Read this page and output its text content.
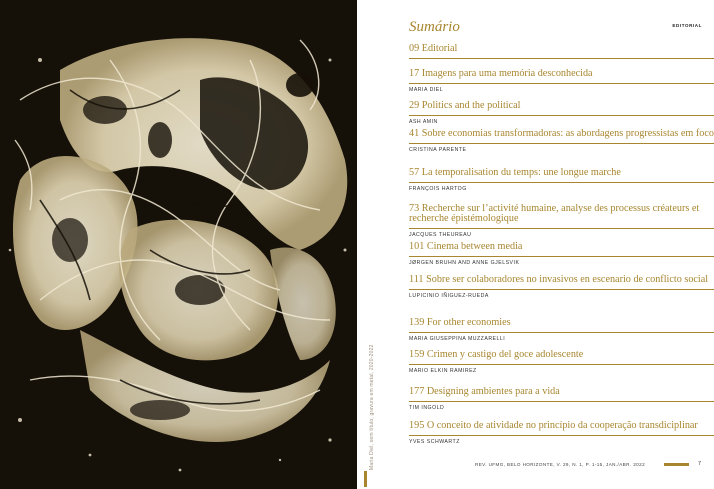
Maria Diel, sem título, gravura em metal, 2020-2022
Sumário	EDITORIAL
09 Editorial
17 Imagens para uma memória desconhecida
MARIA DIEL
29 Politics and the political
ASH AMIN
41 Sobre economias transformadoras: as abordagens progressistas em foco
CRISTINA PARENTE
57 La temporalisation du temps: une longue marche
FRANÇOIS HARTOG
73 Recherche sur l’activité humaine, analyse des processus créateurs et recherche épistémologique
JACQUES THEUREAU
101 Cinema between media
JØRGEN BRUHN AND ANNE GJELSVIK
111 Sobre ser colaboradores no invasivos en escenario de conflicto social
LUPICINIO IÑIGUEZ-RUEDA
139 For other economies
MARIA GIUSEPPINA MUZZARELLI
159 Crimen y castigo del goce adolescente
MARIO ELKIN RAMIREZ
177 Designing ambientes para a vida
TIM INGOLD
195 O conceito de atividade no princípio da cooperação transdiciplinar
YVES SCHWARTZ
REV. UFMG, BELO HORIZONTE, V. 29, N. 1, P. 1-15, JAN./ABR. 2022	7
